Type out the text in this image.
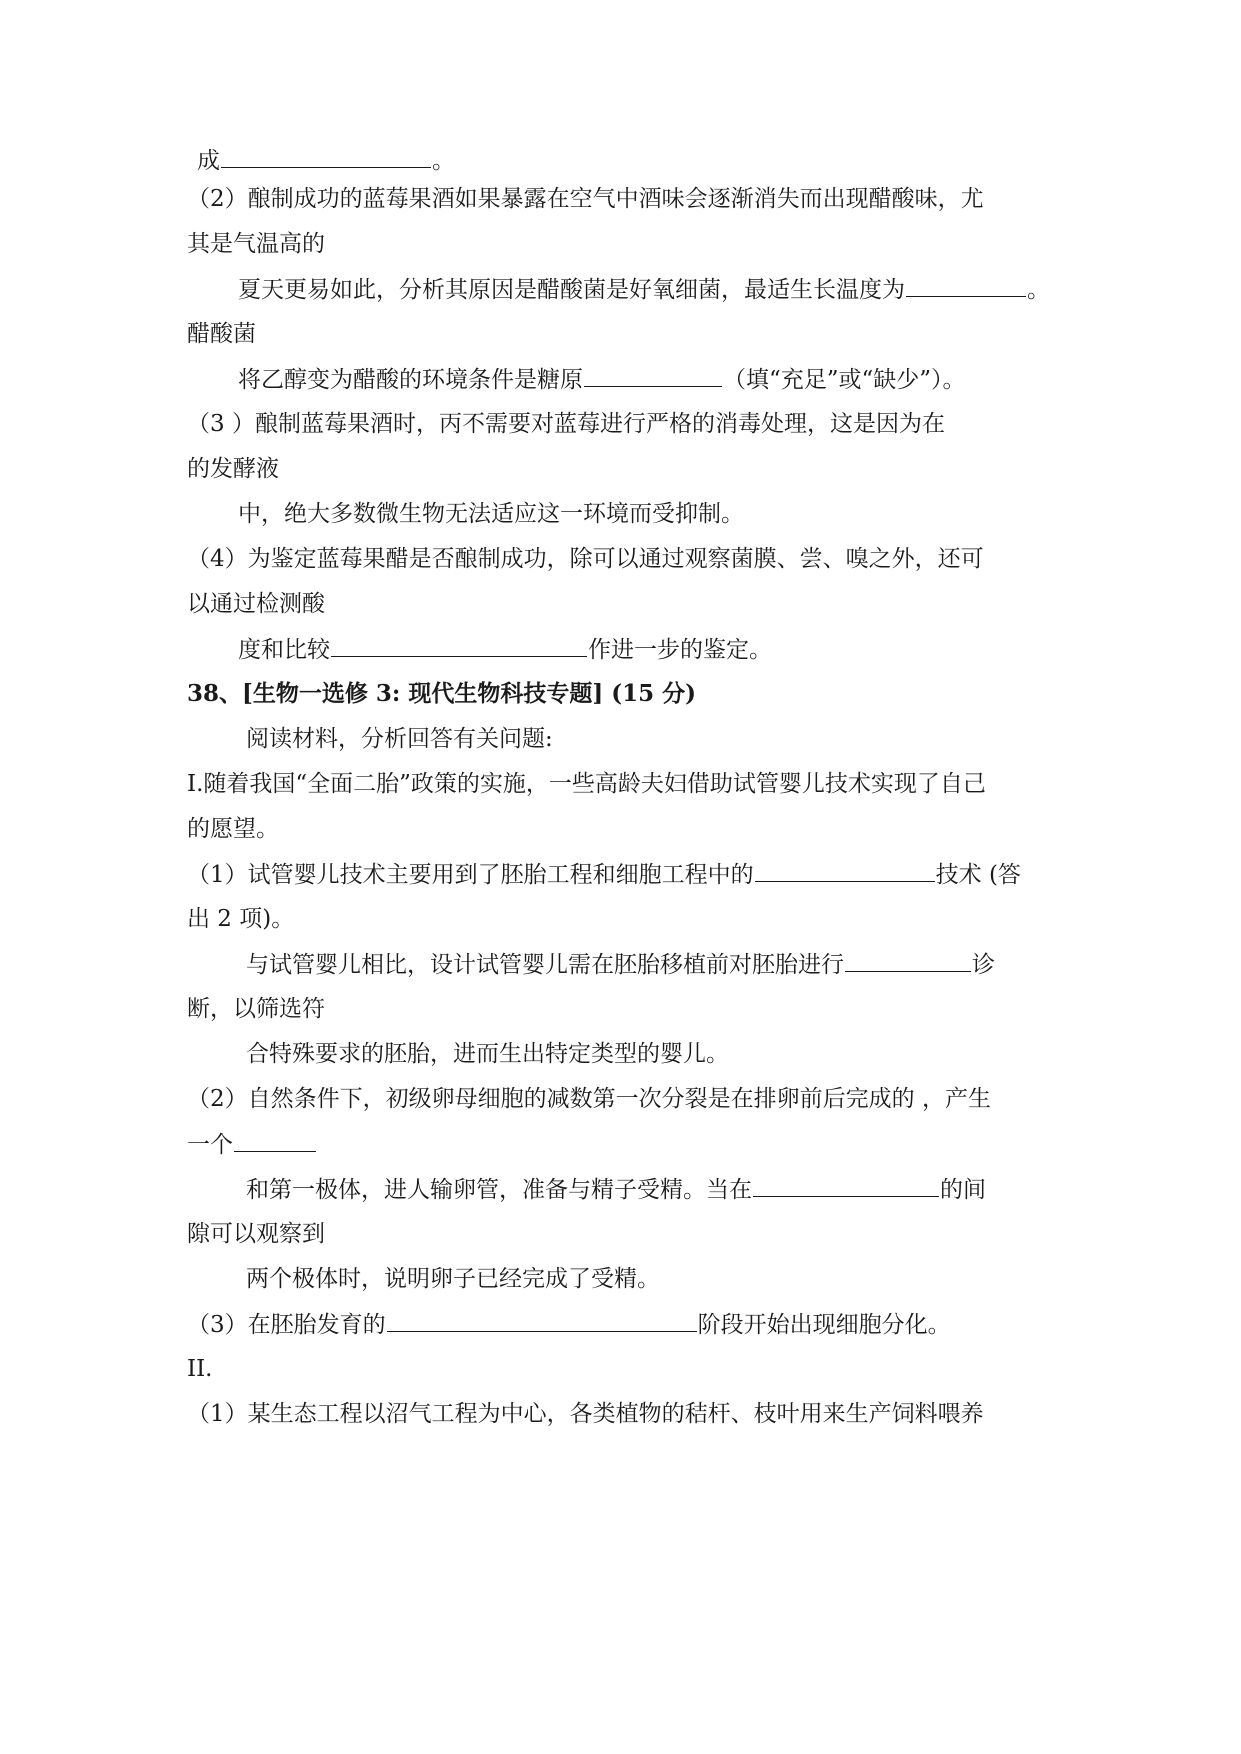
成	。
（2）酿制成功的蓝莓果酒如果暴露在空气中酒味会逐渐消失而出现醋酸味，尤
其是气温高的
夏天更易如此，分析其原因是醋酸菌是好氧细菌，最适生长温度为	。
醋酸菌
将乙醇变为醋酸的环境条件是糖原	（填“充足”或“缺少”）。
（3 ）酿制蓝莓果酒时，丙不需要对蓝莓进行严格的消毒处理，这是因为在
的发酵液
中，绝大多数微生物无法适应这一环境而受抑制。
（4）为鉴定蓝莓果醋是否酿制成功，除可以通过观察菌膜、尝、嗅之外，还可
以通过检测酸
度和比较	作进一步的鉴定。
38、[生物一选修 3: 现代生物科技专题] (15 分)
阅读材料，分析回答有关问题:
I.随着我国“全面二胎”政策的实施，一些高龄夫妇借助试管婴儿技术实现了自己
的愿望。
（1）试管婴儿技术主要用到了胚胎工程和细胞工程中的	技术 (答
出 2 项)。
与试管婴儿相比，设计试管婴儿需在胚胎移植前对胚胎进行	诊
断，以筛选符
合特殊要求的胚胎，进而生出特定类型的婴儿。
（2）自然条件下，初级卵母细胞的减数第一次分裂是在排卵前后完成的 ，产生
一个
和第一极体，进人输卵管，准备与精子受精。当在	的间
隙可以观察到
两个极体时，说明卵子已经完成了受精。
（3）在胚胎发育的	阶段开始出现细胞分化。
II.
（1）某生态工程以沼气工程为中心，各类植物的秸杆、枝叶用来生产饲料喂养
